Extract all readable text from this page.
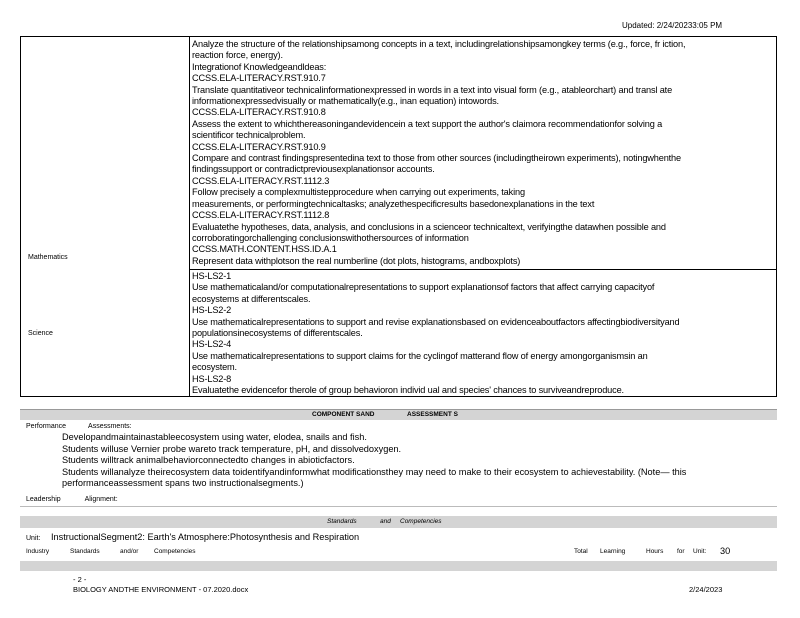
Updated: 2/24/20233:05 PM
Mathematics
Analyze the structure of the relationshipsamong concepts in a text, includingrelationshipsamongkey terms (e.g., force, fr iction,
reaction force, energy).
Integrationof Knowledgeandldeas:
CCSS.ELA-LITERACY.RST.910.7
Translate quantitativeor technicalinformationexpressed in words in a text into visual form (e.g., atableorchart) and transl ate
informationexpressedvisually or mathematically(e.g., inan equation) intowords.
CCSS.ELA-LITERACY.RST.910.8
Assess the extent to whichthereasoningandevidencein a text support the author's claimora recommendationfor solving a
scientificor technicalproblem.
CCSS.ELA-LITERACY.RST.910.9
Compare and contrast findingspresentedina text to those from other sources (includingtheirown experiments), notingwhenthe
findingssupport or contradictpreviousexplanationsor accounts.
CCSS.ELA-LITERACY.RST.1112.3
Follow precisely a complexmultistepprocedure when carrying out experiments, taking
measurements, or performingtechnicaltasks; analyzethespecificresults basedonexplanations in the text
CCSS.ELA-LITERACY.RST.1112.8
Evaluatethe hypotheses, data, analysis, and conclusions in a scienceor technicaltext, verifyingthe datawhen possible and
corroboratingorchallenging conclusionswithothersources of information
CCSS.MATH.CONTENT.HSS.ID.A.1
Represent data withplotson the real numberline (dot plots, histograms, andboxplots)
Science
HS-LS2-1
Use mathematicaland/or computationalrepresentations to support explanationsof factors that affect carrying capacityof
ecosystems at differentscales.
HS-LS2-2
Use mathematicalrepresentations to support and revise explanationsbased on evidenceaboutfactors affectingbiodiversityand
populationsinecosystems of differentscales.
HS-LS2-4
Use mathematicalrepresentations to support claims for the cyclingof matterand flow of energy amongorganismsin an
ecosystem.
HS-LS2-8
Evaluatethe evidencefor therole of group behavioron individ ual and species' chances to surviveandreproduce.
COMPONENT SAND	ASSESSMENT S
Performance	Assessments:
Developandmaintainastableecosystem using water, elodea, snails and fish.
Students willuse Vernier probe wareto track temperature, pH, and dissolvedoxygen.
Students willtrack animalbehaviorconnectedto changes in abioticfactors.
Students willanalyze theirecosystem data toidentifyandinformwhat modificationsthey may need to make to their ecosystem to achievestability. (Note— this
performanceassessment spans two instructionalsegments.)
Leadership	Alignment:
Standards	and Competencies
Unit: InstructionalSegment2: Earth's Atmosphere:Photosynthesis and Respiration
Industry	Standards	and/or Competencies	Total Learning	Hours for Unit: 30
- 2 -
BIOLOGY ANDTHE ENVIRONMENT - 07.2020.docx	2/24/2023
